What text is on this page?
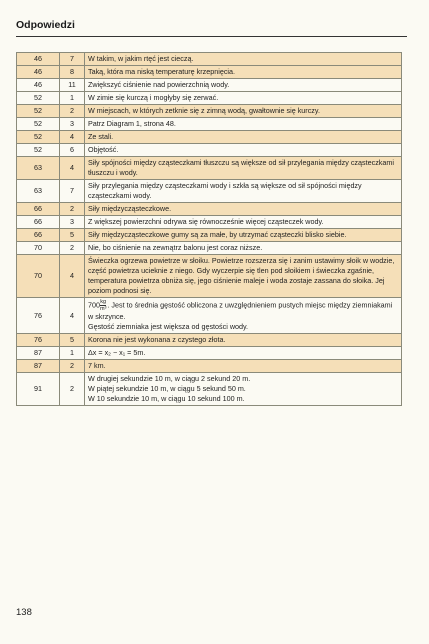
Odpowiedzi
46	7	W takim, w jakim rtęć jest cieczą.
46	8	Taką, która ma niską temperaturę krzepnięcia.
46	11	Zwiększyć ciśnienie nad powierzchnią wody.
52	1	W zimie się kurczą i mogłyby się zerwać.
52	2	W miejscach, w których zetknie się z zimną wodą, gwałtownie się kurczy.
52	3	Patrz Diagram 1, strona 48.
52	4	Ze stali.
52	6	Objętość.
63	4	Siły spójności między cząsteczkami tłuszczu są większe od sił przylegania między cząsteczkami tłuszczu i wody.
63	7	Siły przylegania między cząsteczkami wody i szkła są większe od sił spójności między cząsteczkami wody.
66	2	Siły międzycząsteczkowe.
66	3	Z większej powierzchni odrywa się równocześnie więcej cząsteczek wody.
66	5	Siły międzycząsteczkowe gumy są za małe, by utrzymać cząsteczki blisko siebie.
70	2	Nie, bo ciśnienie na zewnątrz balonu jest coraz niższe.
70	4	Świeczka ogrzewa powietrze w słoiku. Powietrze rozszerza się i zanim ustawimy słoik w wodzie, część powietrza ucieknie z niego. Gdy wyczerpie się tlen pod słoikiem i świeczka zgaśnie, temperatura powietrza obniża się, jego ciśnienie maleje i woda zostaje zassana do słoika. Jej poziom podnosi się.
76	4	$700 \frac{kg}{\text{m³}}$ . Jest to średnia gęstość obliczona z uwzględnieniem pustych miejsc między ziemniakami w skrzynce.
Gęstość ziemniaka jest większa od gęstości wody.

76	5	Korona nie jest wykonana z czystego złota.
87	1	Δx = x₂ − x₁ = 5m.
87	2	7 km.
91	2	W drugiej sekundzie 10 m, w ciągu 2 sekund 20 m.
W piątej sekundzie 10 m, w ciągu 5 sekund 50 m.
W 10 sekundzie 10 m, w ciągu 10 sekund 100 m.
138
